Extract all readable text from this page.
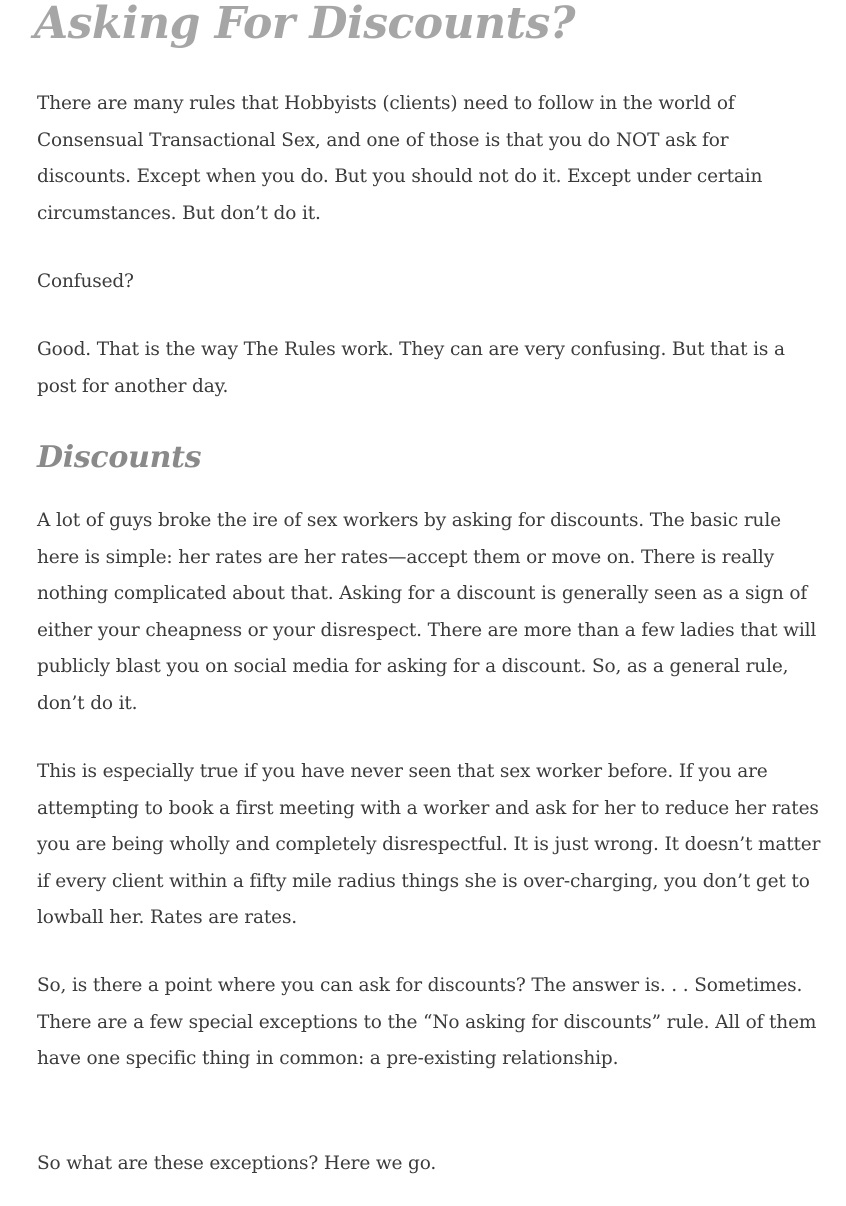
Asking For Discounts?

There are many rules that Hobbyists (clients) need to follow in the world of Consensual Transactional Sex, and one of those is that you do NOT ask for discounts. Except when you do. But you should not do it. Except under certain circumstances. But don’t do it.

Confused?

Good. That is the way The Rules work. They can are very confusing. But that is a post for another day.

Discounts

A lot of guys broke the ire of sex workers by asking for discounts. The basic rule here is simple: her rates are her rates—accept them or move on. There is really nothing complicated about that. Asking for a discount is generally seen as a sign of either your cheapness or your disrespect. There are more than a few ladies that will publicly blast you on social media for asking for a discount. So, as a general rule, don’t do it.

This is especially true if you have never seen that sex worker before. If you are attempting to book a first meeting with a worker and ask for her to reduce her rates you are being wholly and completely disrespectful. It is just wrong. It doesn’t matter if every client within a fifty mile radius things she is over-charging, you don’t get to lowball her. Rates are rates.

So, is there a point where you can ask for discounts? The answer is. . . Sometimes. There are a few special exceptions to the “No asking for discounts” rule. All of them have one specific thing in common: a pre-existing relationship.

So what are these exceptions? Here we go.
